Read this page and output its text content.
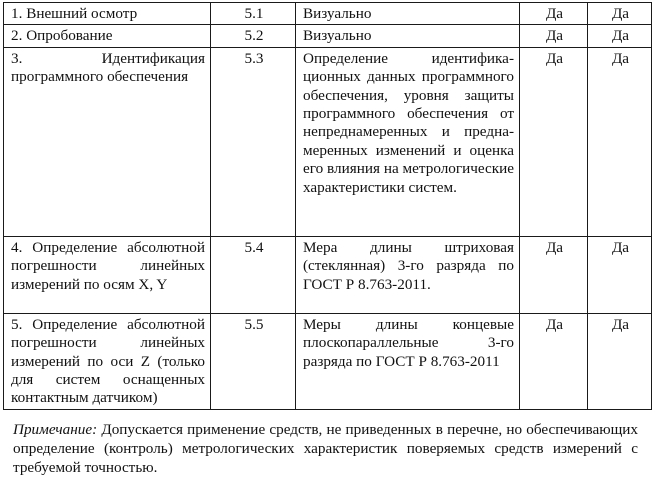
1. Внешний осмотр	5.1	Визуально	Да	Да
2. Опробование	5.2	Визуально	Да	Да
3. Идентификация программного обеспечения	5.3	Определение идентификационных данных программного обеспечения, уровня защиты программного обеспечения от непреднамеренных и преднамеренных изменений и оценка его влияния на метрологические характеристики систем.	Да	Да
4. Определение абсолютной погрешности линейных измерений по осям X, Y	5.4	Мера длины штриховая (стеклянная) 3-го разряда по ГОСТ Р 8.763-2011.	Да	Да
5. Определение абсолютной погрешности линейных измерений по оси Z (только для систем оснащенных контактным датчиком)	5.5	Меры длины концевые плоскопараллельные 3-го разряда по ГОСТ Р 8.763-2011	Да	Да
Примечание: Допускается применение средств, не приведенных в перечне, но обеспечивающих определение (контроль) метрологических характеристик поверяемых средств измерений с требуемой точностью.
